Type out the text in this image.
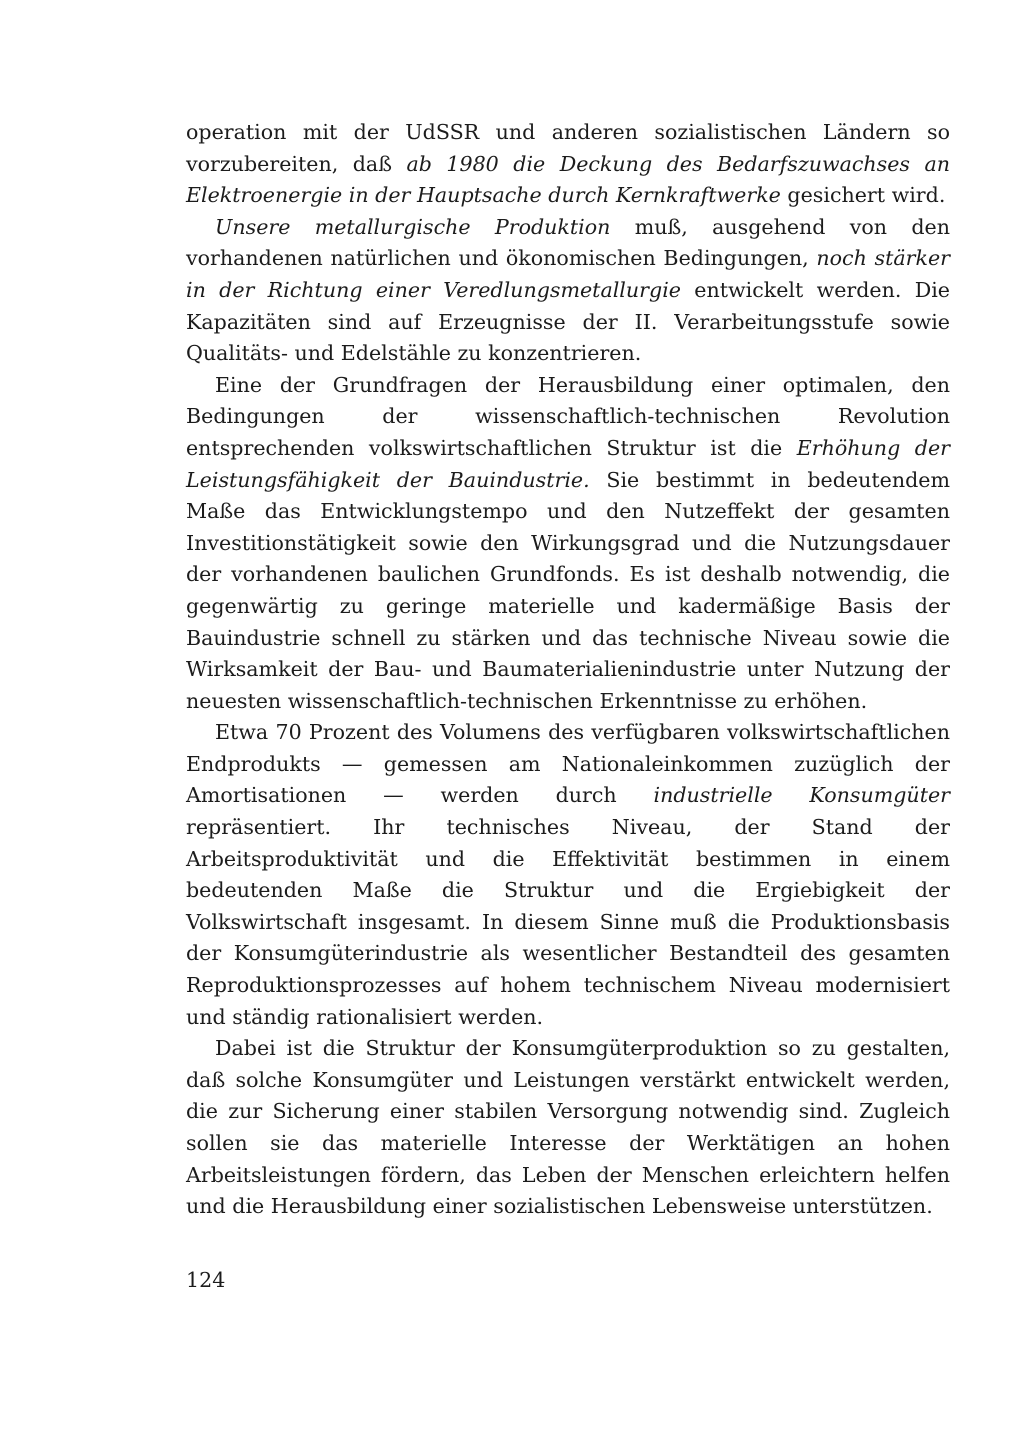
operation mit der UdSSR und anderen sozialistischen Ländern so vorzubereiten, daß ab 1980 die Deckung des Bedarfszuwachses an Elektroenergie in der Hauptsache durch Kernkraftwerke gesichert wird.

Unsere metallurgische Produktion muß, ausgehend von den vorhandenen natürlichen und ökonomischen Bedingungen, noch stärker in der Richtung einer Veredlungsmetallurgie entwickelt werden. Die Kapazitäten sind auf Erzeugnisse der II. Verarbeitungsstufe sowie Qualitäts- und Edelstähle zu konzentrieren.

Eine der Grundfragen der Herausbildung einer optimalen, den Bedingungen der wissenschaftlich-technischen Revolution entsprechenden volkswirtschaftlichen Struktur ist die Erhöhung der Leistungsfähigkeit der Bauindustrie. Sie bestimmt in bedeutendem Maße das Entwicklungstempo und den Nutzeffekt der gesamten Investitionstätigkeit sowie den Wirkungsgrad und die Nutzungsdauer der vorhandenen baulichen Grundfonds. Es ist deshalb notwendig, die gegenwärtig zu geringe materielle und kadermäßige Basis der Bauindustrie schnell zu stärken und das technische Niveau sowie die Wirksamkeit der Bau- und Baumaterialienindustrie unter Nutzung der neuesten wissenschaftlich-technischen Erkenntnisse zu erhöhen.

Etwa 70 Prozent des Volumens des verfügbaren volkswirtschaftlichen Endprodukts — gemessen am Nationaleinkommen zuzüglich der Amortisationen — werden durch industrielle Konsumgüter repräsentiert. Ihr technisches Niveau, der Stand der Arbeitsproduktivität und die Effektivität bestimmen in einem bedeutenden Maße die Struktur und die Ergiebigkeit der Volkswirtschaft insgesamt. In diesem Sinne muß die Produktionsbasis der Konsumgüterindustrie als wesentlicher Bestandteil des gesamten Reproduktionsprozesses auf hohem technischem Niveau modernisiert und ständig rationalisiert werden.

Dabei ist die Struktur der Konsumgüterproduktion so zu gestalten, daß solche Konsumgüter und Leistungen verstärkt entwickelt werden, die zur Sicherung einer stabilen Versorgung notwendig sind. Zugleich sollen sie das materielle Interesse der Werktätigen an hohen Arbeitsleistungen fördern, das Leben der Menschen erleichtern helfen und die Herausbildung einer sozialistischen Lebensweise unterstützen.

124
